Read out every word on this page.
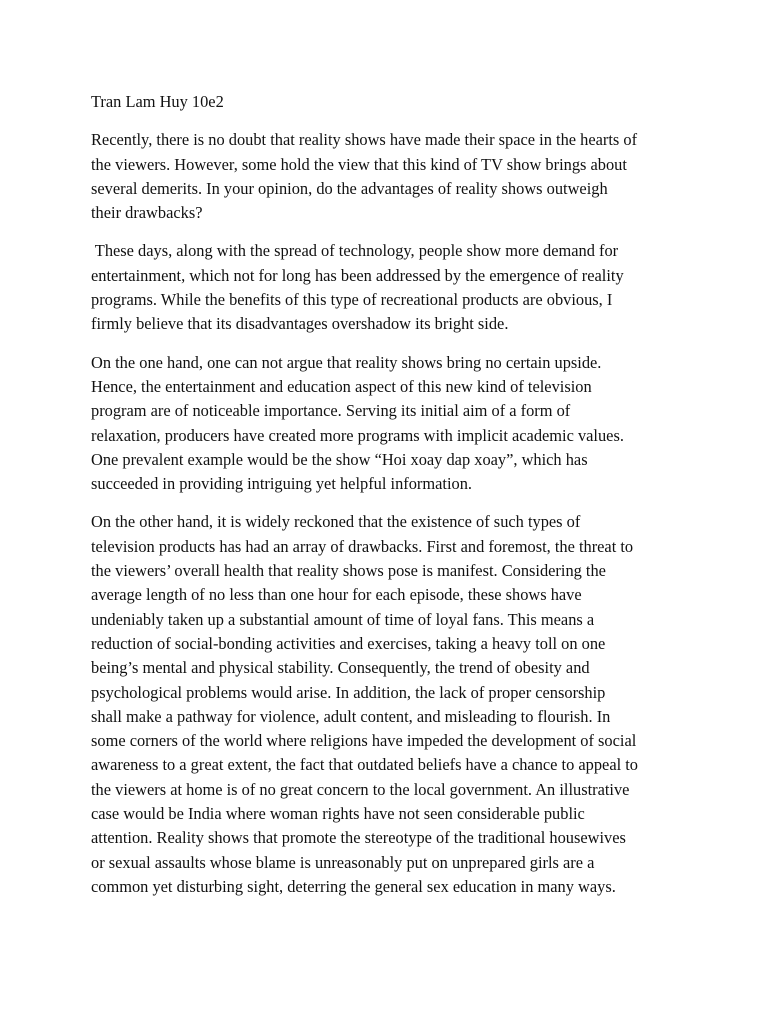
Tran Lam Huy 10e2
Recently, there is no doubt that reality shows have made their space in the hearts of
the viewers. However, some hold the view that this kind of TV show brings about
several demerits. In your opinion, do the advantages of reality shows outweigh
their drawbacks?
These days, along with the spread of technology, people show more demand for
entertainment, which not for long has been addressed by the emergence of reality
programs. While the benefits of this type of recreational products are obvious, I
firmly believe that its disadvantages overshadow its bright side.
On the one hand, one can not argue that reality shows bring no certain upside.
Hence, the entertainment and education aspect of this new kind of television
program are of noticeable importance. Serving its initial aim of a form of
relaxation, producers have created more programs with implicit academic values.
One prevalent example would be the show “Hoi xoay dap xoay”, which has
succeeded in providing intriguing yet helpful information.
On the other hand, it is widely reckoned that the existence of such types of
television products has had an array of drawbacks. First and foremost, the threat to
the viewers’ overall health that reality shows pose is manifest. Considering the
average length of no less than one hour for each episode, these shows have
undeniably taken up a substantial amount of time of loyal fans. This means a
reduction of social-bonding activities and exercises, taking a heavy toll on one
being’s mental and physical stability. Consequently, the trend of obesity and
psychological problems would arise. In addition, the lack of proper censorship
shall make a pathway for violence, adult content, and misleading to flourish. In
some corners of the world where religions have impeded the development of social
awareness to a great extent, the fact that outdated beliefs have a chance to appeal to
the viewers at home is of no great concern to the local government. An illustrative
case would be India where woman rights have not seen considerable public
attention. Reality shows that promote the stereotype of the traditional housewives
or sexual assaults whose blame is unreasonably put on unprepared girls are a
common yet disturbing sight, deterring the general sex education in many ways.
